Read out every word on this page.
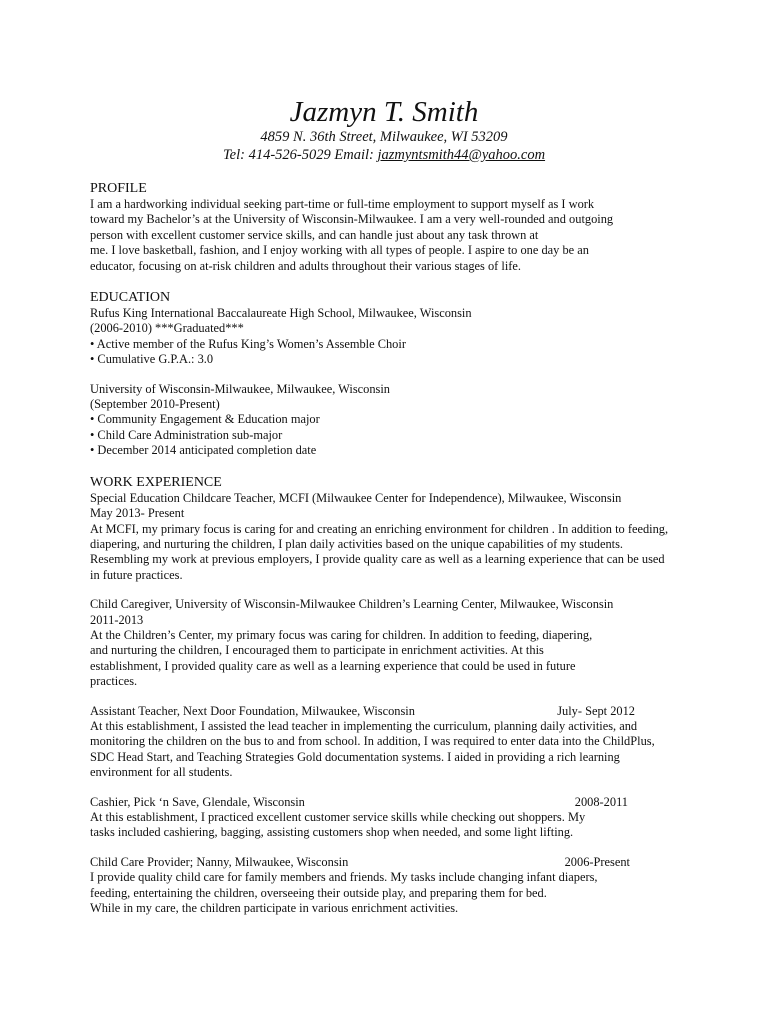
Jazmyn T. Smith
4859 N. 36th Street, Milwaukee, WI 53209
Tel: 414-526-5029 Email: jazmyntsmith44@yahoo.com
PROFILE
I am a hardworking individual seeking part-time or full-time employment to support myself as I work
toward my Bachelor’s at the University of Wisconsin-Milwaukee. I am a very well-rounded and outgoing
person with excellent customer service skills, and can handle just about any task thrown at
me. I love basketball, fashion, and I enjoy working with all types of people. I aspire to one day be an
educator, focusing on at-risk children and adults throughout their various stages of life.
EDUCATION
Rufus King International Baccalaureate High School, Milwaukee, Wisconsin
(2006-2010) ***Graduated***
• Active member of the Rufus King’s Women’s Assemble Choir
• Cumulative G.P.A.: 3.0
University of Wisconsin-Milwaukee, Milwaukee, Wisconsin
(September 2010-Present)
• Community Engagement & Education major
• Child Care Administration sub-major
• December 2014 anticipated completion date
WORK EXPERIENCE
Special Education Childcare Teacher, MCFI (Milwaukee Center for Independence), Milwaukee, Wisconsin
May 2013- Present
At MCFI, my primary focus is caring for and creating an enriching environment for children . In addition to feeding,
diapering, and nurturing the children, I plan daily activities based on the unique capabilities of my students.
Resembling my work at previous employers, I provide quality care as well as a learning experience that can be used
in future practices.
Child Caregiver, University of Wisconsin-Milwaukee Children’s Learning Center, Milwaukee, Wisconsin
2011-2013
At the Children’s Center, my primary focus was caring for children. In addition to feeding, diapering,
and nurturing the children, I encouraged them to participate in enrichment activities. At this
establishment, I provided quality care as well as a learning experience that could be used in future
practices.
Assistant Teacher, Next Door Foundation, Milwaukee, Wisconsin	July- Sept 2012
At this establishment, I assisted the lead teacher in implementing the curriculum, planning daily activities, and
monitoring the children on the bus to and from school. In addition, I was required to enter data into the ChildPlus,
SDC Head Start, and Teaching Strategies Gold documentation systems. I aided in providing a rich learning
environment for all students.
Cashier, Pick ‘n Save, Glendale, Wisconsin	2008-2011
At this establishment, I practiced excellent customer service skills while checking out shoppers. My
tasks included cashiering, bagging, assisting customers shop when needed, and some light lifting.
Child Care Provider; Nanny, Milwaukee, Wisconsin	2006-Present
I provide quality child care for family members and friends. My tasks include changing infant diapers,
feeding, entertaining the children, overseeing their outside play, and preparing them for bed.
While in my care, the children participate in various enrichment activities.
